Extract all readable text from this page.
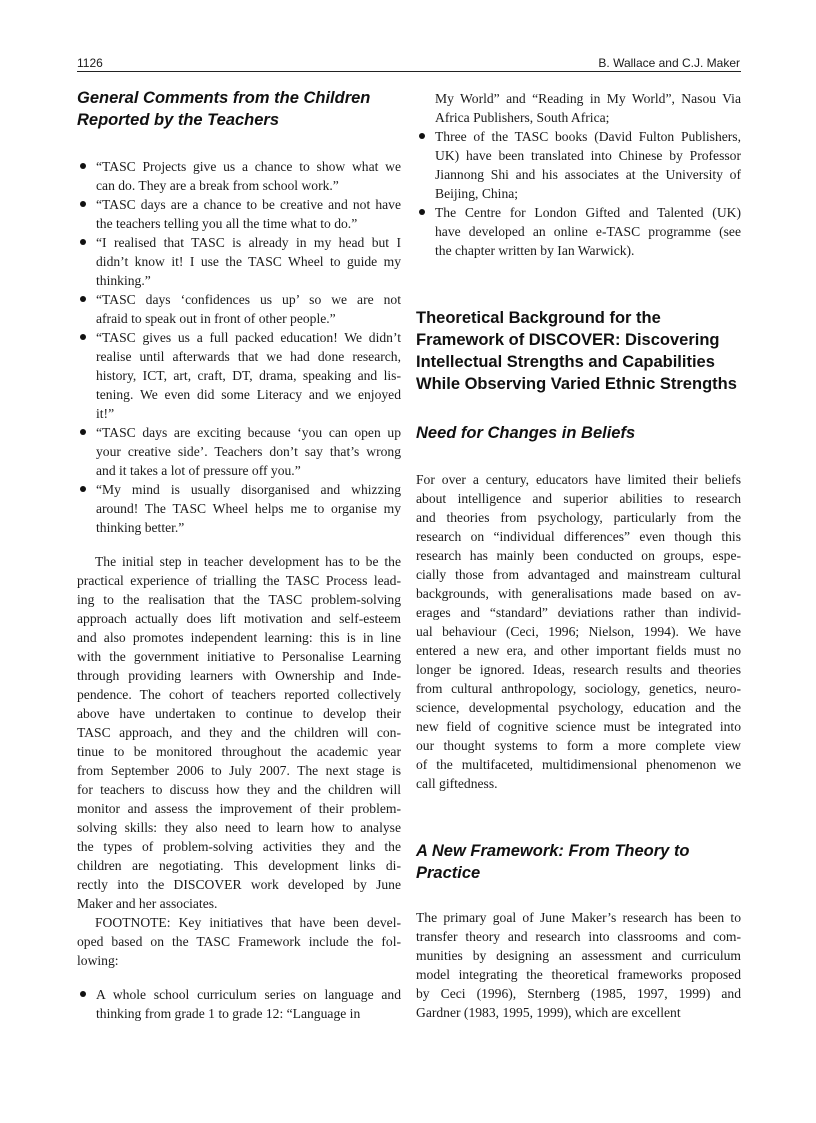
1126	B. Wallace and C.J. Maker
General Comments from the Children
Reported by the Teachers
“TASC Projects give us a chance to show what we
can do. They are a break from school work.”
“TASC days are a chance to be creative and not have
the teachers telling you all the time what to do.”
“I realised that TASC is already in my head but I
didn’t know it! I use the TASC Wheel to guide my
thinking.”
“TASC days ‘confidences us up’ so we are not
afraid to speak out in front of other people.”
“TASC gives us a full packed education! We didn’t
realise until afterwards that we had done research,
history, ICT, art, craft, DT, drama, speaking and lis-
tening. We even did some Literacy and we enjoyed
it!”
“TASC days are exciting because ‘you can open up
your creative side’. Teachers don’t say that’s wrong
and it takes a lot of pressure off you.”
“My mind is usually disorganised and whizzing
around! The TASC Wheel helps me to organise my
thinking better.”
The initial step in teacher development has to be the
practical experience of trialling the TASC Process lead-
ing to the realisation that the TASC problem-solving
approach actually does lift motivation and self-esteem
and also promotes independent learning: this is in line
with the government initiative to Personalise Learning
through providing learners with Ownership and Inde-
pendence. The cohort of teachers reported collectively
above have undertaken to continue to develop their
TASC approach, and they and the children will con-
tinue to be monitored throughout the academic year
from September 2006 to July 2007. The next stage is
for teachers to discuss how they and the children will
monitor and assess the improvement of their problem-
solving skills: they also need to learn how to analyse
the types of problem-solving activities they and the
children are negotiating. This development links di-
rectly into the DISCOVER work developed by June
Maker and her associates.
FOOTNOTE: Key initiatives that have been devel-
oped based on the TASC Framework include the fol-
lowing:
A whole school curriculum series on language and
thinking from grade 1 to grade 12: “Language in
My World” and “Reading in My World”, Nasou Via
Africa Publishers, South Africa;
Three of the TASC books (David Fulton Publishers,
UK) have been translated into Chinese by Professor
Jiannong Shi and his associates at the University of
Beijing, China;
The Centre for London Gifted and Talented (UK)
have developed an online e-TASC programme (see
the chapter written by Ian Warwick).
Theoretical Background for the
Framework of DISCOVER: Discovering
Intellectual Strengths and Capabilities
While Observing Varied Ethnic Strengths
Need for Changes in Beliefs
For over a century, educators have limited their beliefs
about intelligence and superior abilities to research
and theories from psychology, particularly from the
research on “individual differences” even though this
research has mainly been conducted on groups, espe-
cially those from advantaged and mainstream cultural
backgrounds, with generalisations made based on av-
erages and “standard” deviations rather than individ-
ual behaviour (Ceci, 1996; Nielson, 1994). We have
entered a new era, and other important fields must no
longer be ignored. Ideas, research results and theories
from cultural anthropology, sociology, genetics, neuro-
science, developmental psychology, education and the
new field of cognitive science must be integrated into
our thought systems to form a more complete view
of the multifaceted, multidimensional phenomenon we
call giftedness.
A New Framework: From Theory to
Practice
The primary goal of June Maker’s research has been to
transfer theory and research into classrooms and com-
munities by designing an assessment and curriculum
model integrating the theoretical frameworks proposed
by Ceci (1996), Sternberg (1985, 1997, 1999) and
Gardner (1983, 1995, 1999), which are excellent
